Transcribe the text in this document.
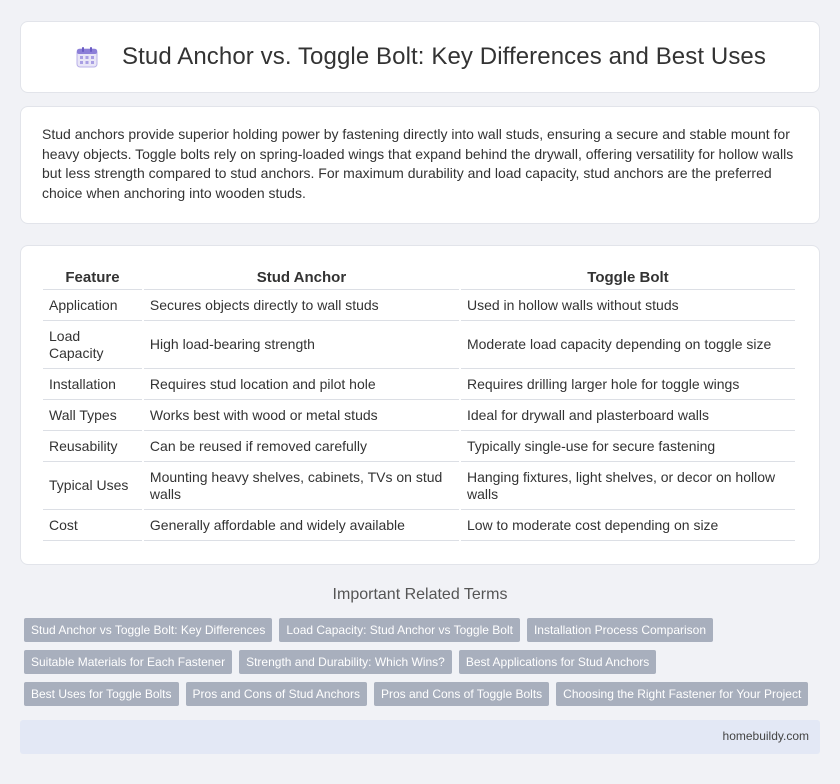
Stud Anchor vs. Toggle Bolt: Key Differences and Best Uses

Stud anchors provide superior holding power by fastening directly into wall studs, ensuring a secure and stable mount for heavy objects. Toggle bolts rely on spring-loaded wings that expand behind the drywall, offering versatility for hollow walls but less strength compared to stud anchors. For maximum durability and load capacity, stud anchors are the preferred choice when anchoring into wooden studs.

Feature	Stud Anchor	Toggle Bolt
Application	Secures objects directly to wall studs	Used in hollow walls without studs
Load Capacity	High load-bearing strength	Moderate load capacity depending on toggle size
Installation	Requires stud location and pilot hole	Requires drilling larger hole for toggle wings
Wall Types	Works best with wood or metal studs	Ideal for drywall and plasterboard walls
Reusability	Can be reused if removed carefully	Typically single-use for secure fastening
Typical Uses	Mounting heavy shelves, cabinets, TVs on stud walls	Hanging fixtures, light shelves, or decor on hollow walls
Cost	Generally affordable and widely available	Low to moderate cost depending on size
Important Related Terms
Stud Anchor vs Toggle Bolt: Key Differences	Load Capacity: Stud Anchor vs Toggle Bolt	Installation Process Comparison
Suitable Materials for Each Fastener	Strength and Durability: Which Wins?	Best Applications for Stud Anchors
Best Uses for Toggle Bolts	Pros and Cons of Stud Anchors	Pros and Cons of Toggle Bolts	Choosing the Right Fastener for Your Project
homebuildy.com
